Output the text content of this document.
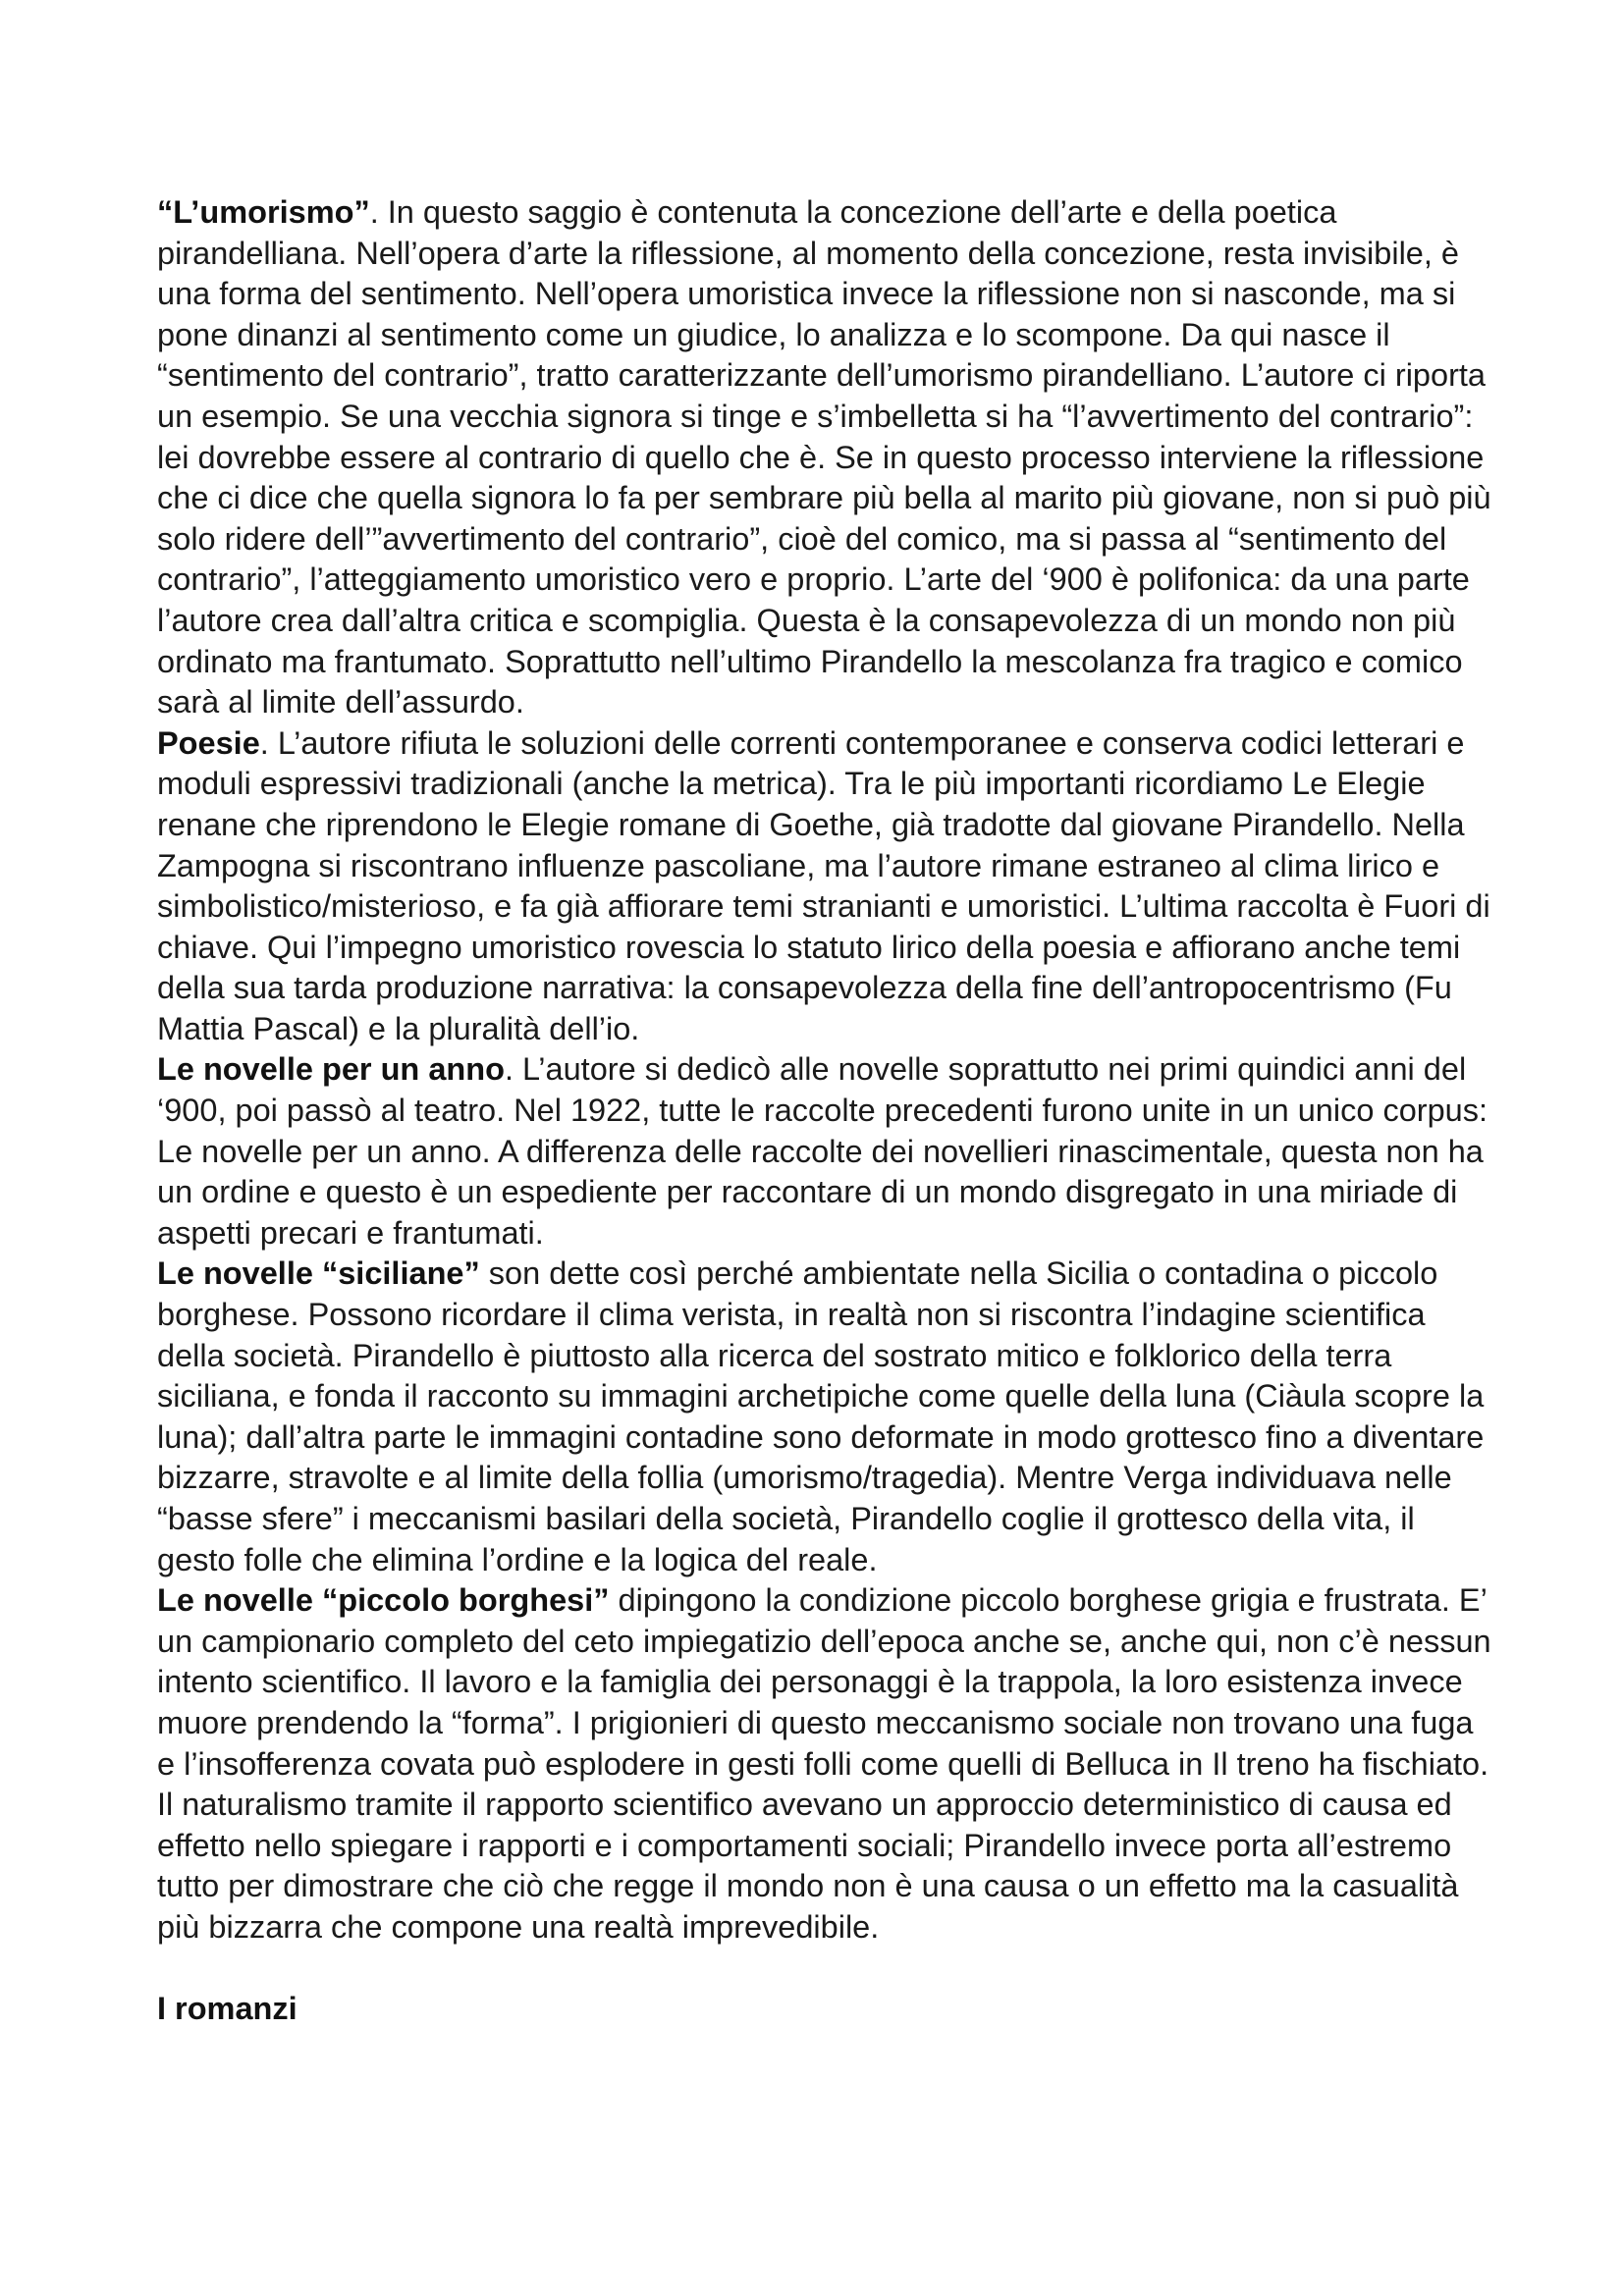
“L’umorismo”. In questo saggio è contenuta la concezione dell’arte e della poetica pirandelliana. Nell’opera d’arte la riflessione, al momento della concezione, resta invisibile, è una forma del sentimento. Nell’opera umoristica invece la riflessione non si nasconde, ma si pone dinanzi al sentimento come un giudice, lo analizza e lo scompone. Da qui nasce il “sentimento del contrario”, tratto caratterizzante dell’umorismo pirandelliano. L’autore ci riporta un esempio. Se una vecchia signora si tinge e s’imbelletta si ha “l’avvertimento del contrario”: lei dovrebbe essere al contrario di quello che è. Se in questo processo interviene la riflessione che ci dice che quella signora lo fa per sembrare più bella al marito più giovane, non si può più solo ridere dell’”avvertimento del contrario”, cioè del comico, ma si passa al “sentimento del contrario”, l’atteggiamento umoristico vero e proprio. L’arte del ‘900 è polifonica: da una parte l’autore crea dall’altra critica e scompiglia. Questa è la consapevolezza di un mondo non più ordinato ma frantumato. Soprattutto nell’ultimo Pirandello la mescolanza fra tragico e comico sarà al limite dell’assurdo.

Poesie. L’autore rifiuta le soluzioni delle correnti contemporanee e conserva codici letterari e moduli espressivi tradizionali (anche la metrica). Tra le più importanti ricordiamo Le Elegie renane che riprendono le Elegie romane di Goethe, già tradotte dal giovane Pirandello. Nella Zampogna si riscontrano influenze pascoliane, ma l’autore rimane estraneo al clima lirico e simbolistico/misterioso, e fa già affiorare temi stranianti e umoristici. L’ultima raccolta è Fuori di chiave. Qui l’impegno umoristico rovescia lo statuto lirico della poesia e affiorano anche temi della sua tarda produzione narrativa: la consapevolezza della fine dell’antropocentrismo (Fu Mattia Pascal) e la pluralità dell’io.

Le novelle per un anno. L’autore si dedicò alle novelle soprattutto nei primi quindici anni del ‘900, poi passò al teatro. Nel 1922, tutte le raccolte precedenti furono unite in un unico corpus: Le novelle per un anno. A differenza delle raccolte dei novellieri rinascimentale, questa non ha un ordine e questo è un espediente per raccontare di un mondo disgregato in una miriade di aspetti precari e frantumati.

Le novelle “siciliane” son dette così perché ambientate nella Sicilia o contadina o piccolo borghese. Possono ricordare il clima verista, in realtà non si riscontra l’indagine scientifica della società. Pirandello è piuttosto alla ricerca del sostrato mitico e folklorico della terra siciliana, e fonda il racconto su immagini archetipiche come quelle della luna (Ciàula scopre la luna); dall’altra parte le immagini contadine sono deformate in modo grottesco fino a diventare bizzarre, stravolte e al limite della follia (umorismo/tragedia). Mentre Verga individuava nelle “basse sfere” i meccanismi basilari della società, Pirandello coglie il grottesco della vita, il gesto folle che elimina l’ordine e la logica del reale.

Le novelle “piccolo borghesi” dipingono la condizione piccolo borghese grigia e frustrata. E’ un campionario completo del ceto impiegatizio dell’epoca anche se, anche qui, non c’è nessun intento scientifico. Il lavoro e la famiglia dei personaggi è la trappola, la loro esistenza invece muore prendendo la “forma”. I prigionieri di questo meccanismo sociale non trovano una fuga e l’insofferenza covata può esplodere in gesti folli come quelli di Belluca in Il treno ha fischiato. Il naturalismo tramite il rapporto scientifico avevano un approccio deterministico di causa ed effetto nello spiegare i rapporti e i comportamenti sociali; Pirandello invece porta all’estremo tutto per dimostrare che ciò che regge il mondo non è una causa o un effetto ma la casualità più bizzarra che compone una realtà imprevedibile.

I romanzi
